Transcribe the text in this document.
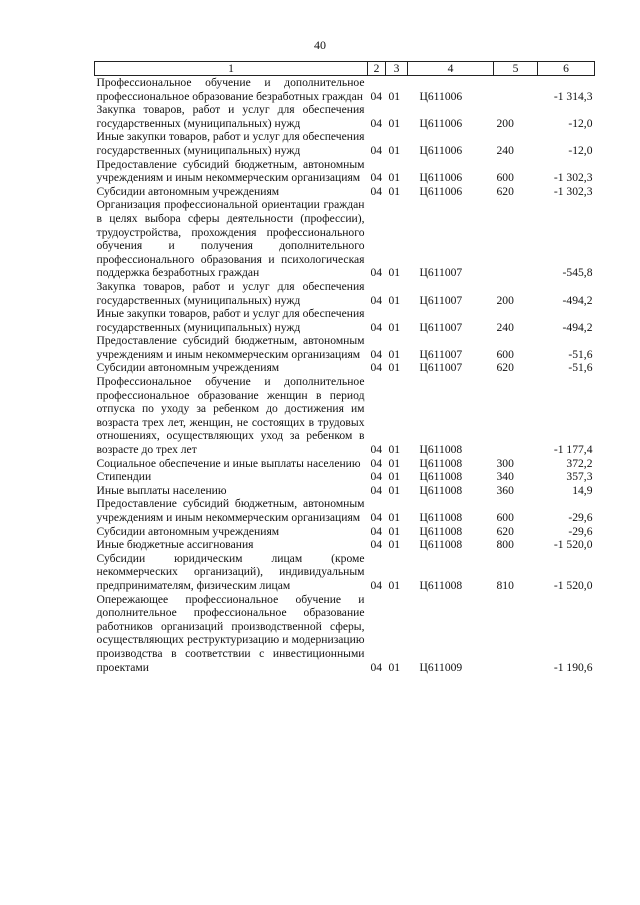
40
1	2	3	4	5	6
Профессиональное обучение и дополнительное профессиональное образование безработных граждан	04	01	Ц611006		-1 314,3
Закупка товаров, работ и услуг для обеспечения государственных (муниципальных) нужд	04	01	Ц611006	200	-12,0
Иные закупки товаров, работ и услуг для обеспечения государственных (муниципальных) нужд	04	01	Ц611006	240	-12,0
Предоставление субсидий бюджетным, автономным учреждениям и иным некоммерческим организациям	04	01	Ц611006	600	-1 302,3
Субсидии автономным учреждениям	04	01	Ц611006	620	-1 302,3
Организация профессиональной ориентации граждан в целях выбора сферы деятельности (профессии), трудоустройства, прохождения профессионального обучения и получения дополнительного профессионального образования и психологическая поддержка безработных граждан	04	01	Ц611007		-545,8
Закупка товаров, работ и услуг для обеспечения государственных (муниципальных) нужд	04	01	Ц611007	200	-494,2
Иные закупки товаров, работ и услуг для обеспечения государственных (муниципальных) нужд	04	01	Ц611007	240	-494,2
Предоставление субсидий бюджетным, автономным учреждениям и иным некоммерческим организациям	04	01	Ц611007	600	-51,6
Субсидии автономным учреждениям	04	01	Ц611007	620	-51,6
Профессиональное обучение и дополнительное профессиональное образование женщин в период отпуска по уходу за ребенком до достижения им возраста трех лет, женщин, не состоящих в трудовых отношениях, осуществляющих уход за ребенком в возрасте до трех лет	04	01	Ц611008		-1 177,4
Социальное обеспечение и иные выплаты населению	04	01	Ц611008	300	372,2
Стипендии	04	01	Ц611008	340	357,3
Иные выплаты населению	04	01	Ц611008	360	14,9
Предоставление субсидий бюджетным, автономным учреждениям и иным некоммерческим организациям	04	01	Ц611008	600	-29,6
Субсидии автономным учреждениям	04	01	Ц611008	620	-29,6
Иные бюджетные ассигнования	04	01	Ц611008	800	-1 520,0
Субсидии юридическим лицам (кроме некоммерческих организаций), индивидуальным предпринимателям, физическим лицам	04	01	Ц611008	810	-1 520,0
Опережающее профессиональное обучение и дополнительное профессиональное образование работников организаций производственной сферы, осуществляющих реструктуризацию и модернизацию производства в соответствии с инвестиционными проектами	04	01	Ц611009		-1 190,6
